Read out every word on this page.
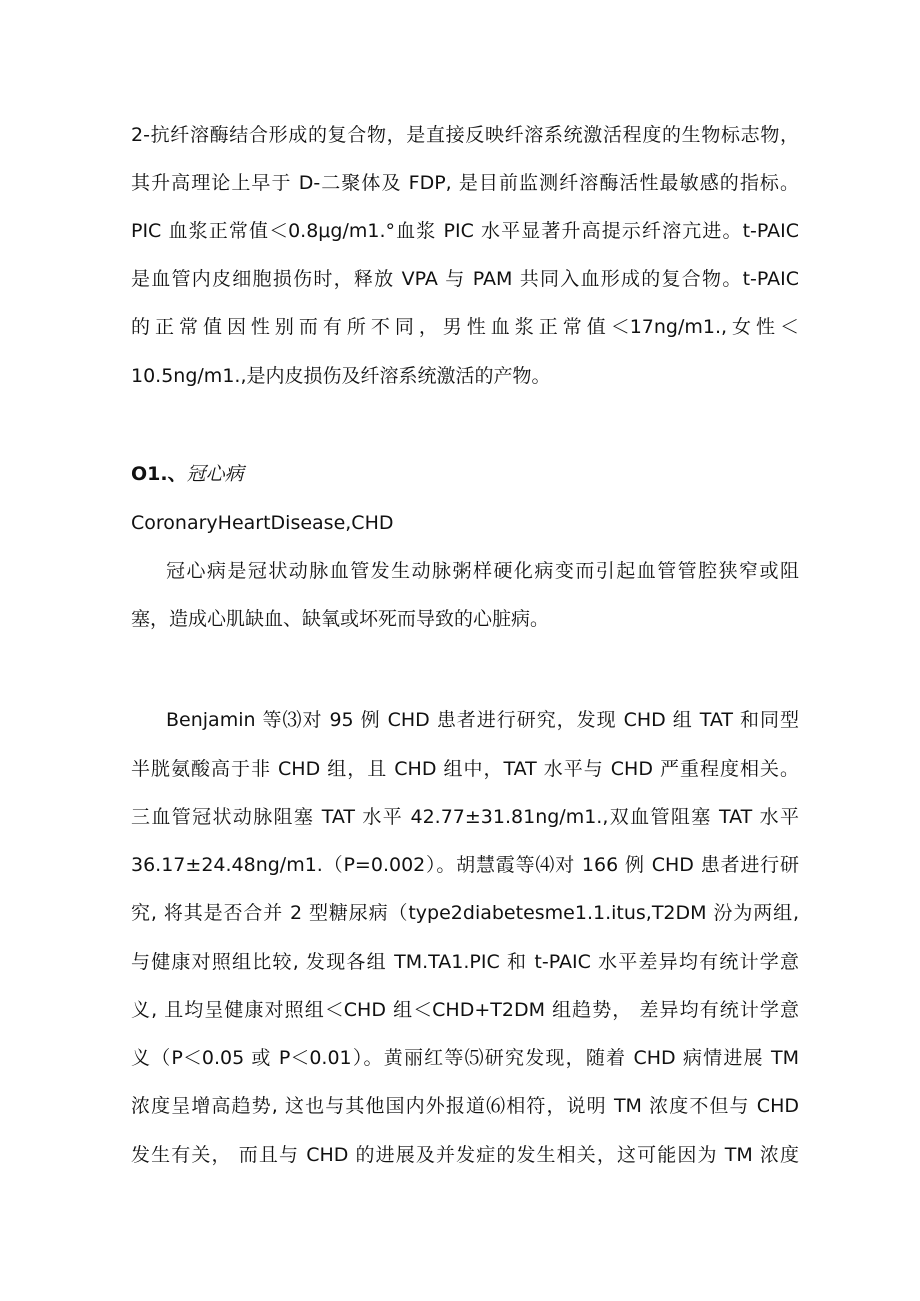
2-抗纤溶酶结合形成的复合物，是直接反映纤溶系统激活程度的生物标志物，
其升高理论上早于 D-二聚体及 FDP, 是目前监测纤溶酶活性最敏感的指标。
PIC 血浆正常值＜0.8μg∕m1.°血浆 PIC 水平显著升高提示纤溶亢进。t-PAIC
是血管内皮细胞损伤时，释放 VPA 与 PAM 共同入血形成的复合物。t-PAIC
的正常值因性别而有所不同，男性血浆正常值＜17ng∕m1.,女性＜
10.5ng∕m1.,是内皮损伤及纤溶系统激活的产物。
O1.、冠心病
CoronaryHeartDisease,CHD
冠心病是冠状动脉血管发生动脉粥样硬化病变而引起血管管腔狭窄或阻
塞，造成心肌缺血、缺氧或坏死而导致的心脏病。
Benjamin 等⑶对 95 例 CHD 患者进行研究，发现 CHD 组 TAT 和同型
半胱氨酸高于非 CHD 组，且 CHD 组中，TAT 水平与 CHD 严重程度相关。
三血管冠状动脉阻塞 TAT 水平 42.77±31.81ng∕m1.,双血管阻塞 TAT 水平
36.17±24.48ng∕m1.（P=0.002）。胡慧霞等⑷对 166 例 CHD 患者进行研
究, 将其是否合并 2 型糖尿病（type2diabetesme1.1.itus,T2DM 汾为两组,
与健康对照组比较, 发现各组 TM.TA1.PIC 和 t-PAIC 水平差异均有统计学意
义, 且均呈健康对照组＜CHD 组＜CHD+T2DM 组趋势， 差异均有统计学意
义（P＜0.05 或 P＜0.01）。黄丽红等⑸研究发现，随着 CHD 病情进展 TM
浓度呈增高趋势, 这也与其他国内外报道⑹相符，说明 TM 浓度不但与 CHD
发生有关， 而且与 CHD 的进展及并发症的发生相关，这可能因为 TM 浓度
